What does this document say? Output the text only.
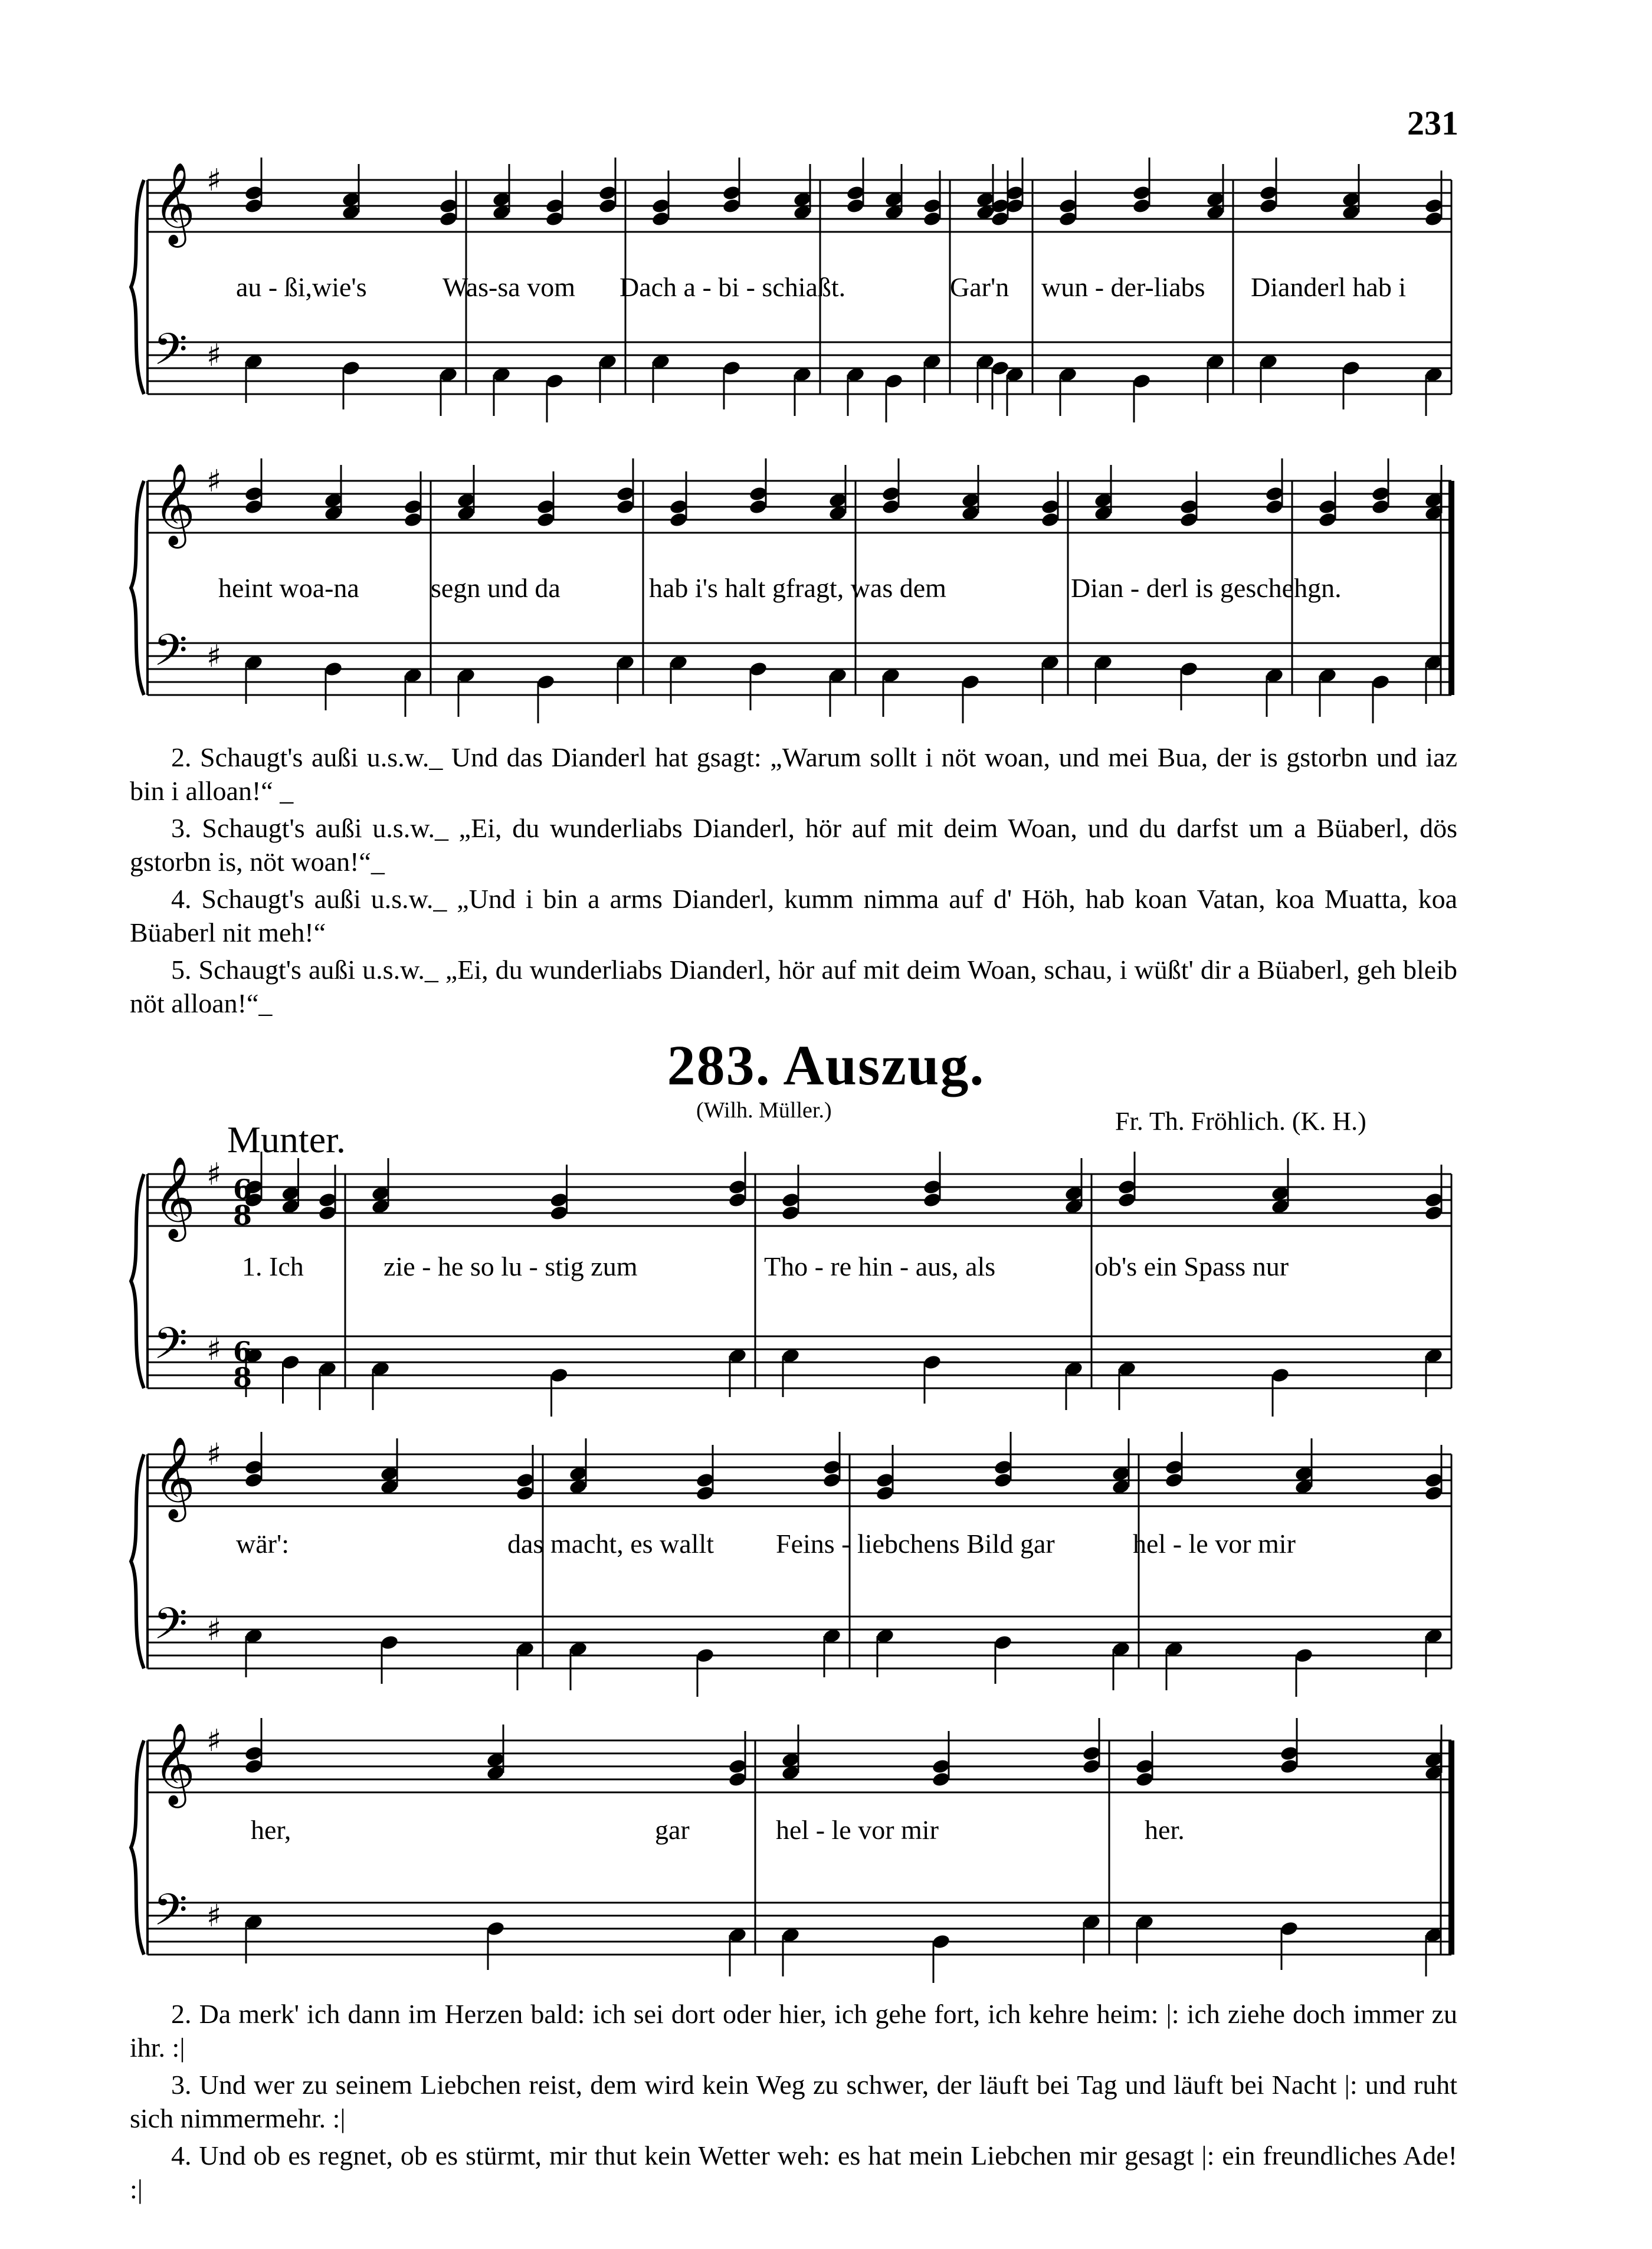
231
𝄞 ♯
𝄢 ♯
au - ßi,wie's	Was-sa vom Dach a - bi - schiaßt.	Gar'n wun - der-liabs Dianderl hab i
𝄞 ♯
𝄢 ♯
heint woa-na	segn und da	hab i's halt gfragt, was dem	Dian - derl is geschehgn.

2. Schaugt's außi u.s.w._ Und das Dianderl hat gsagt: „Warum sollt i nöt woan, und mei Bua, der is gstorbn und iaz bin i alloan!“ _

3. Schaugt's außi u.s.w._ „Ei, du wunderliabs Dianderl, hör auf mit deim Woan, und du darfst um a Büaberl, dös gstorbn is, nöt woan!“_

4. Schaugt's außi u.s.w._ „Und i bin a arms Dianderl, kumm nimma auf d' Höh, hab koan Vatan, koa Muatta, koa Büaberl nit meh!“

5. Schaugt's außi u.s.w._ „Ei, du wunderliabs Dianderl, hör auf mit deim Woan, schau, i wüßt' dir a Büaberl, geh bleib nöt alloan!“_

283. Auszug.
(Wilh. Müller.)	Fr. Th. Fröhlich. (K. H.)
Munter.
𝄞 ♯
𝄢 ♯
6
6
8
8
1. Ich	zie - he so lu - stig zum	Tho - re hin - aus, als	ob's ein Spass nur
𝄞 ♯
𝄢 ♯
wär':	das macht, es wallt Feins - liebchens Bild gar	hel - le vor mir
𝄞 ♯
𝄢 ♯
her,	gar	hel - le vor mir	her.

2. Da merk' ich dann im Herzen bald: ich sei dort oder hier, ich gehe fort, ich kehre heim: |: ich ziehe doch immer zu ihr. :|

3. Und wer zu seinem Liebchen reist, dem wird kein Weg zu schwer, der läuft bei Tag und läuft bei Nacht |: und ruht sich nimmermehr. :|

4. Und ob es regnet, ob es stürmt, mir thut kein Wetter weh: es hat mein Liebchen mir gesagt |: ein freundliches Ade! :|
